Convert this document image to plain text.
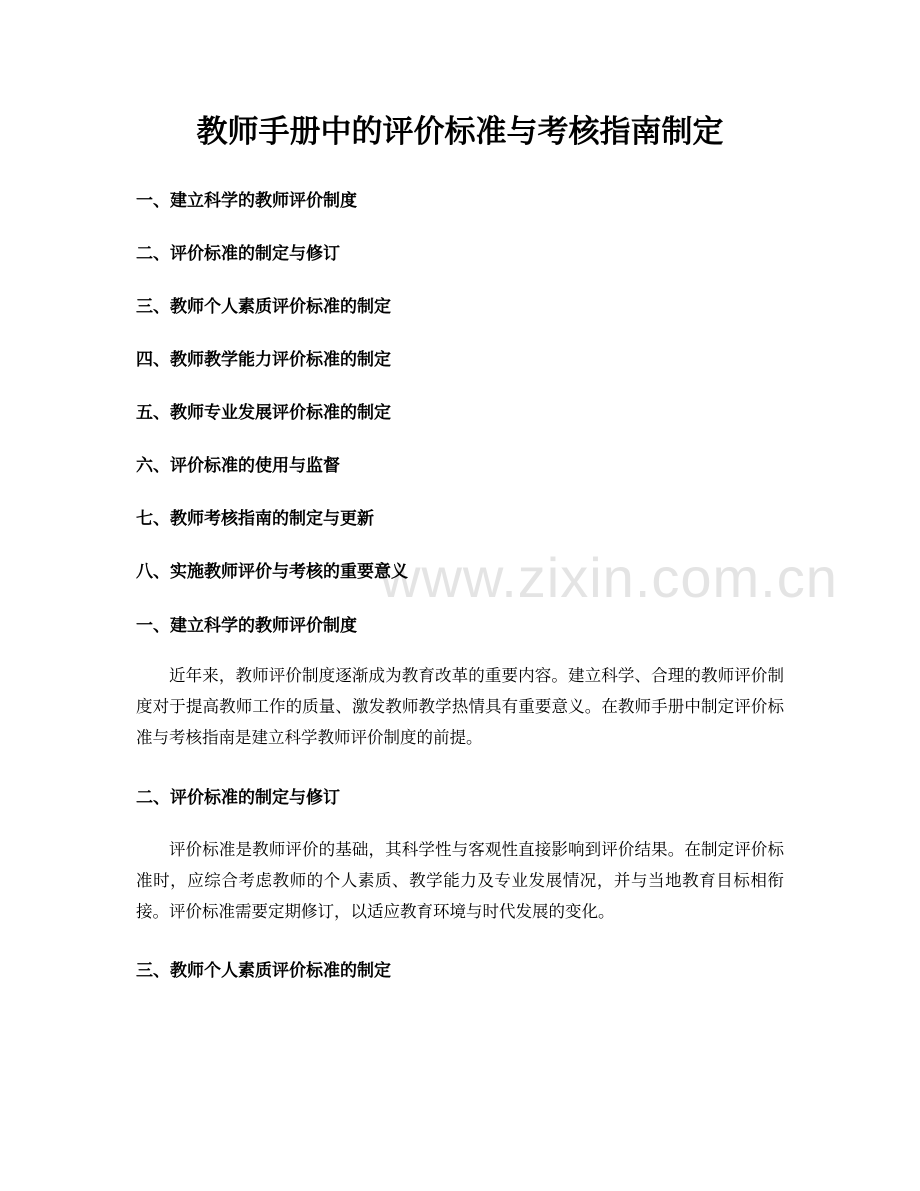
www.zixin.com.cn
教师手册中的评价标准与考核指南制定
一、建立科学的教师评价制度
二、评价标准的制定与修订
三、教师个人素质评价标准的制定
四、教师教学能力评价标准的制定
五、教师专业发展评价标准的制定
六、评价标准的使用与监督
七、教师考核指南的制定与更新
八、实施教师评价与考核的重要意义
一、建立科学的教师评价制度

近年来，教师评价制度逐渐成为教育改革的重要内容。建立科学、合理的教师评价制度对于提高教师工作的质量、激发教师教学热情具有重要意义。在教师手册中制定评价标准与考核指南是建立科学教师评价制度的前提。

二、评价标准的制定与修订

评价标准是教师评价的基础，其科学性与客观性直接影响到评价结果。在制定评价标准时，应综合考虑教师的个人素质、教学能力及专业发展情况，并与当地教育目标相衔接。评价标准需要定期修订，以适应教育环境与时代发展的变化。

三、教师个人素质评价标准的制定
